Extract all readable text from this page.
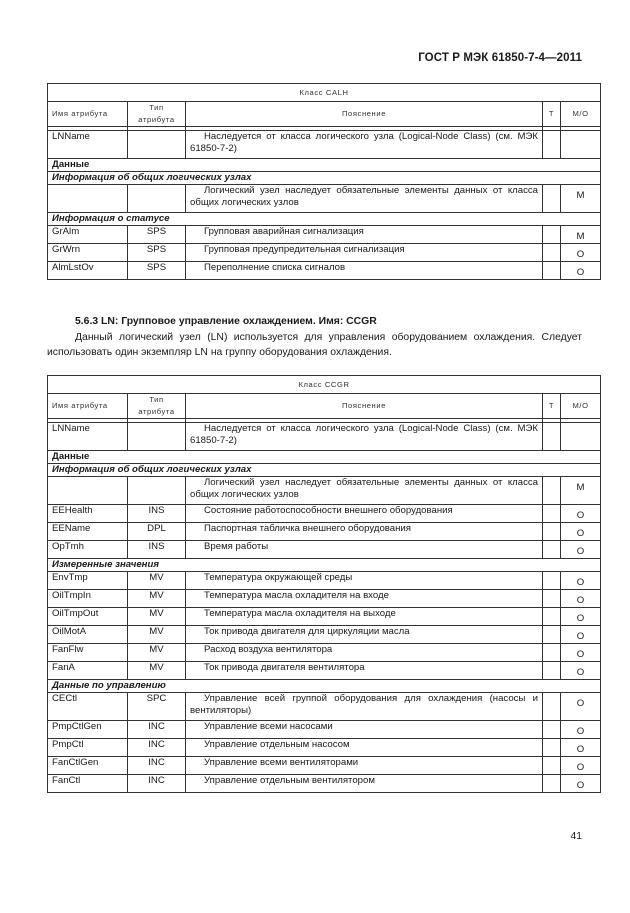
ГОСТ Р МЭК 61850-7-4—2011
Класс CALH				
Имя атрибута	Тип атрибута	Пояснение	T	M/O

LNName		Наследуется от класса логического узла (Logical-Node Class) (см. МЭК 61850-7-2)		
Данные				
Информация об общих логических узлах				
		Логический узел наследует обязательные элементы данных от класса общих логических узлов		M
Информация о статусе				
GrAlm	SPS	Групповая аварийная сигнализация		M
GrWrn	SPS	Групповая предупредительная сигнализация		O
AlmLstOv	SPS	Переполнение списка сигналов		O
5.6.3 LN: Групповое управление охлаждением. Имя: CCGR
Данный логический узел (LN) используется для управления оборудованием охлаждения. Следует использовать один экземпляр LN на группу оборудования охлаждения.
Класс CCGR				
Имя атрибута	Тип атрибута	Пояснение	T	M/O

LNName		Наследуется от класса логического узла (Logical-Node Class) (см. МЭК 61850-7-2)		
Данные				
Информация об общих логических узлах				
		Логический узел наследует обязательные элементы данных от класса общих логических узлов		M
EEHealth	INS	Состояние работоспособности внешнего оборудования		O
EEName	DPL	Паспортная табличка внешнего оборудования		O
OpTmh	INS	Время работы		O
Измеренные значения				
EnvTmp	MV	Температура окружающей среды		O
OilTmpIn	MV	Температура масла охладителя на входе		O
OilTmpOut	MV	Температура масла охладителя на выходе		O
OilMotA	MV	Ток привода двигателя для циркуляции масла		O
FanFlw	MV	Расход воздуха вентилятора		O
FanA	MV	Ток привода двигателя вентилятора		O
Данные по управлению				
CECtl	SPC	Управление всей группой оборудования для охлаждения (насосы и вентиляторы)		O
PmpCtlGen	INC	Управление всеми насосами		O
PmpCtl	INC	Управление отдельным насосом		O
FanCtlGen	INC	Управление всеми вентиляторами		O
FanCtl	INC	Управление отдельным вентилятором		O
41
